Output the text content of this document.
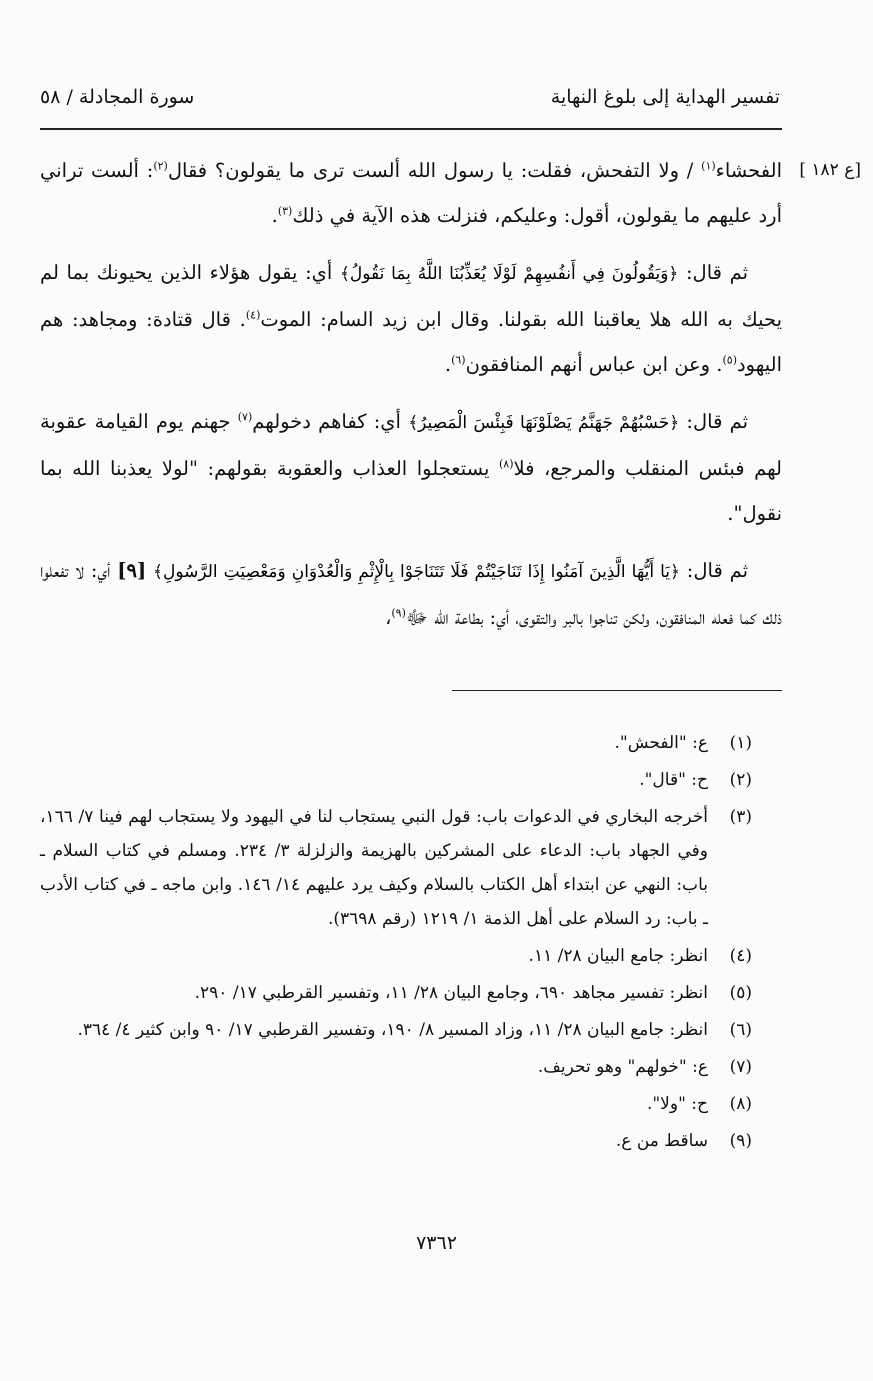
تفسير الهداية إلى بلوغ النهاية
سورة المجادلة / ٥٨
[ع ١٨٢ ]

الفحشاء$^{(١)}$ / ولا التفحش، فقلت: يا رسول الله ألست ترى ما يقولون؟ فقال$^{(٢)}$: ألست تراني أرد عليهم ما يقولون، أقول: وعليكم، فنزلت هذه الآية في ذلك$^{(٣)}$.

ثم قال: ﴿وَيَقُولُونَ فِي أَنفُسِهِمْ لَوْلَا يُعَذِّبُنَا اللَّهُ بِمَا نَقُولُ﴾ أي: يقول هؤلاء الذين يحيونك بما لم يحيك به الله هلا يعاقبنا الله بقولنا. وقال ابن زيد السام: الموت$^{(٤)}$. قال قتادة: ومجاهد: هم اليهود$^{(٥)}$. وعن ابن عباس أنهم المنافقون$^{(٦)}$.

ثم قال: ﴿حَسْبُهُمْ جَهَنَّمُ يَصْلَوْنَهَا فَبِئْسَ الْمَصِيرُ﴾ أي: كفاهم دخولهم$^{(٧)}$ جهنم يوم القيامة عقوبة لهم فبئس المنقلب والمرجع، فلا$^{(٨)}$ يستعجلوا العذاب والعقوبة بقولهم: "لولا يعذبنا الله بما نقول".

ثم قال: ﴿يَا أَيُّهَا الَّذِينَ آمَنُوا إِذَا تَنَاجَيْتُمْ فَلَا تَتَنَاجَوْا بِالْإِثْمِ وَالْعُدْوَانِ وَمَعْصِيَتِ الرَّسُولِ﴾ [٩] أي: لا تفعلوا ذلك كما فعله المنافقون، ولكن تناجوا بالبر والتقوى، أي: بطاعة الله ﷻ$^{(٩)}$،

(١)
ع: "الفحش".
(٢)
ح: "قال".
(٣)
أخرجه البخاري في الدعوات باب: قول النبي يستجاب لنا في اليهود ولا يستجاب لهم فينا ٧/ ١٦٦، وفي الجهاد باب: الدعاء على المشركين بالهزيمة والزلزلة ٣/ ٢٣٤. ومسلم في كتاب السلام ـ باب: النهي عن ابتداء أهل الكتاب بالسلام وكيف يرد عليهم ١٤/ ١٤٦. وابن ماجه ـ في كتاب الأدب ـ باب: رد السلام على أهل الذمة ١/ ١٢١٩ (رقم ٣٦٩٨).
(٤)
انظر: جامع البيان ٢٨/ ١١.
(٥)
انظر: تفسير مجاهد ٦٩٠، وجامع البيان ٢٨/ ١١، وتفسير القرطبي ١٧/ ٢٩٠.
(٦)
انظر: جامع البيان ٢٨/ ١١، وزاد المسير ٨/ ١٩٠، وتفسير القرطبي ١٧/ ٩٠ وابن كثير ٤/ ٣٦٤.
(٧)
ع: "خولهم" وهو تحريف.
(٨)
ح: "ولا".
(٩)
ساقط من ع.
٧٣٦٢
